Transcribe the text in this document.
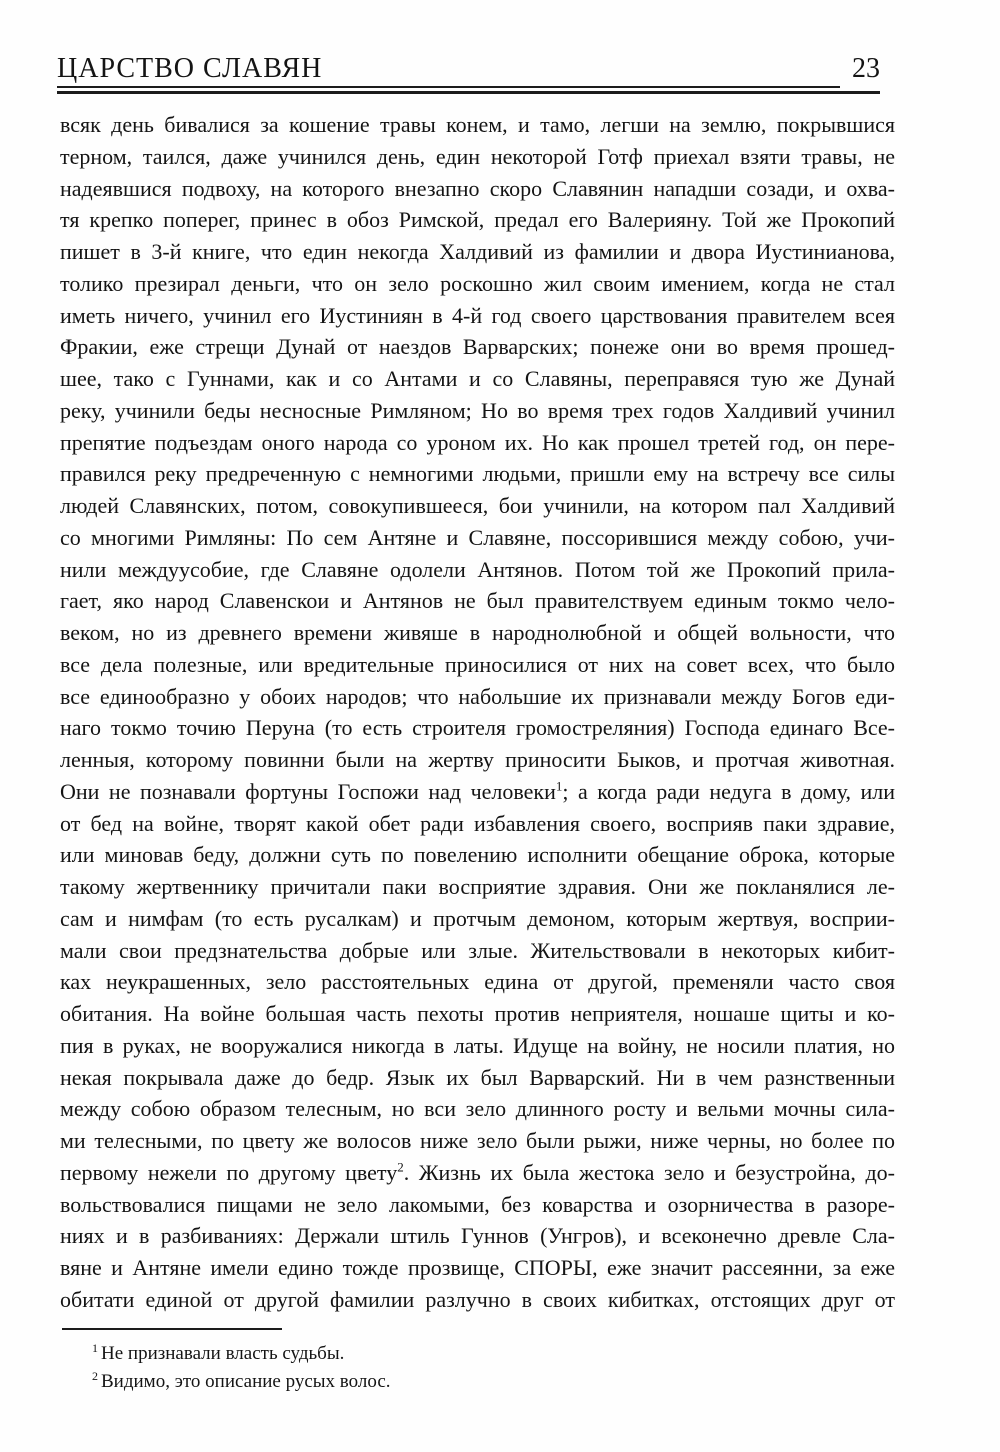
ЦАРСТВО СЛАВЯН	23
всяк день бивалися за кошение травы конем, и тамо, легши на землю, покрывшися
терном, таился, даже учинился день, един некоторой Готф приехал взяти травы, не
надеявшися подвоху, на которого внезапно скоро Славянин нападши созади, и охва-
тя крепко поперег, принес в обоз Римской, предал его Валерияну. Той же Прокопий
пишет в 3-й книге, что един некогда Халдивий из фамилии и двора Иустинианова,
толико презирал деньги, что он зело роскошно жил своим имением, когда не стал
иметь ничего, учинил его Иустиниян в 4-й год своего царствования правителем всея
Фракии, еже стрещи Дунай от наездов Варварских; понеже они во время прошед-
шее, тако с Гуннами, как и со Антами и со Славяны, переправяся тую же Дунай
реку, учинили беды несносные Римляном; Но во время трех годов Халдивий учинил
препятие подъездам оного народа со уроном их. Но как прошел третей год, он пере-
правился реку предреченную с немногими людьми, пришли ему на встречу все силы
людей Славянских, потом, совокупившееся, бои учинили, на котором пал Халдивий
со многими Римляны: По сем Антяне и Славяне, поссорившися между собою, учи-
нили междуусобие, где Славяне одолели Антянов. Потом той же Прокопий прила-
гает, яко народ Славенскои и Антянов не был правителствуем единым токмо чело-
веком, но из древнего времени живяше в народнолюбной и общей вольности, что
все дела полезные, или вредительные приносилися от них на совет всех, что было
все единообразно у обоих народов; что набольшие их признавали между Богов еди-
наго токмо точию Перуна (то есть строителя громостреляния) Господа единаго Все-
ленныя, которому повинни были на жертву приносити Быков, и протчая животная.
Они не познавали фортуны Госпожи над человеки$^1$; а когда ради недуга в дому, или
от бед на войне, творят какой обет ради избавления своего, восприяв паки здравие,
или миновав беду, должни суть по повелению исполнити обещание оброка, которые
такому жертвеннику причитали паки восприятие здравия. Они же покланялися ле-
сам и нимфам (то есть русалкам) и протчым демоном, которым жертвуя, восприи-
мали свои предзнательства добрые или злые. Жительствовали в некоторых кибит-
ках неукрашенных, зело расстоятельных едина от другой, пременяли часто своя
обитания. На войне большая часть пехоты против неприятеля, ношаше щиты и ко-
пия в руках, не вооружалися никогда в латы. Идуще на войну, не носили платия, но
некая покрывала даже до бедр. Язык их был Варварский. Ни в чем разнственныи
между собою образом телесным, но вси зело длинного росту и вельми мочны сила-
ми телесными, по цвету же волосов ниже зело были рыжи, ниже черны, но более по
первому нежели по другому цвету$^2$. Жизнь их была жестока зело и безустройна, до-
вольствовалися пищами не зело лакомыми, без коварства и озорничества в разоре-
ниях и в разбиваниях: Держали штиль Гуннов (Унгров), и всеконечно древле Сла-
вяне и Антяне имели едино тожде прозвище, СПОРЫ, еже значит рассеянни, за еже
обитати единой от другой фамилии разлучно в своих кибитках, отстоящих друг от
$^1$ Не признавали власть судьбы.
$^2$ Видимо, это описание русых волос.
